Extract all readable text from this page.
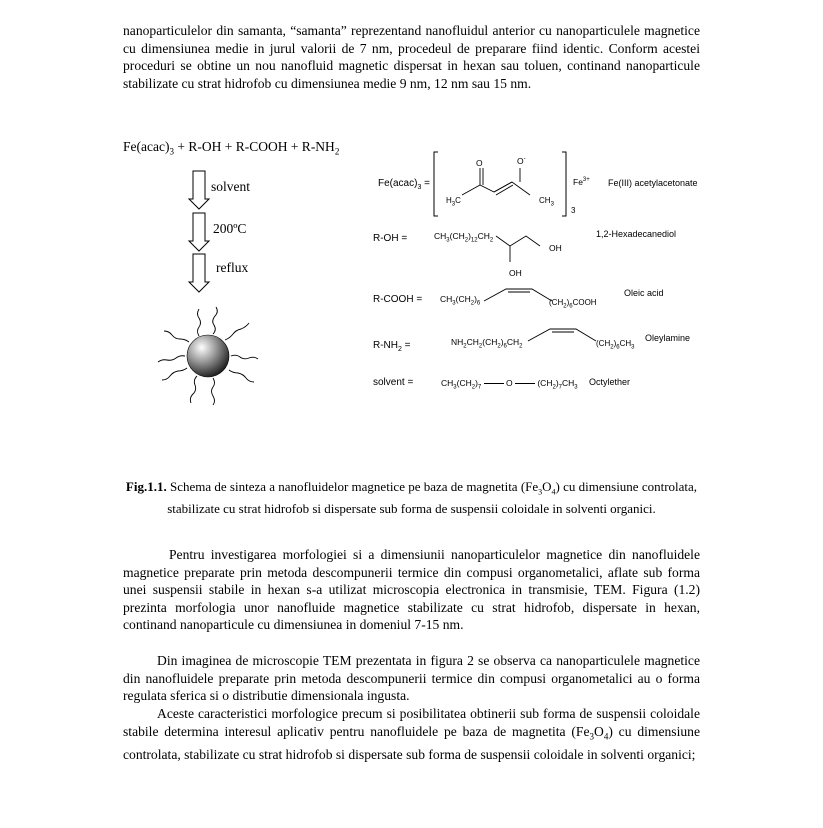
nanoparticulelor din samanta, “samanta” reprezentand nanofluidul anterior cu nanoparticulele magnetice cu dimensiunea medie in jurul valorii de 7 nm, procedeul de preparare fiind identic. Conform acestei proceduri se obtine un nou nanofluid magnetic dispersat in hexan sau toluen, continand nanoparticule stabilizate cu strat hidrofob cu dimensiunea medie 9 nm, 12 nm sau 15 nm.

$Fe(acac)_3 + R-OH$ + R-COOH + $R-NH_2$
solvent
200ºC
reflux
$Fe(acac)_3$ =
O	O-
$H_3C$	$CH_3$
3
$Fe^{3+}$ Fe(III) acetylacetonate
R-OH =	$CH_3(CH_2)_{12}CH_2$
OH
OH
1,2-Hexadecanediol
R-COOH = $CH_3(CH_2)_6$	$(CH_2)_6COOH$
Oleic acid
$R-NH_2$ =	$NH_2CH_2(CH_2)_6CH_2$	$(CH_2)_6CH_3$
Oleylamine
solvent =	$CH_3(CH_2)_7$	O  $(CH_2)_7CH_3$
Octylether

Fig.1.1. Schema de sinteza a nanofluidelor magnetice pe baza de magnetita $(Fe_3O_4)$ cu dimensiune controlata, stabilizate cu strat hidrofob si dispersate sub forma de suspensii coloidale in solventi organici.

Pentru investigarea morfologiei si a dimensiunii nanoparticulelor magnetice din nanofluidele magnetice preparate prin metoda descompunerii termice din compusi organometalici, aflate sub forma unei suspensii stabile in hexan s-a utilizat microscopia electronica in transmisie, TEM. Figura (1.2) prezinta morfologia unor nanofluide magnetice stabilizate cu strat hidrofob, dispersate in hexan, continand nanoparticule cu dimensiunea in domeniul 7-15 nm.

Din imaginea de microscopie TEM prezentata in figura 2 se observa ca nanoparticulele magnetice din nanofluidele preparate prin metoda descompunerii termice din compusi organometalici au o forma regulata sferica si o distributie dimensionala ingusta.

Aceste caracteristici morfologice precum si posibilitatea obtinerii sub forma de suspensii coloidale stabile determina interesul aplicativ pentru nanofluidele pe baza de magnetita $(Fe_3O_4)$ cu dimensiune controlata, stabilizate cu strat hidrofob si dispersate sub forma de suspensii coloidale in solventi organici;
